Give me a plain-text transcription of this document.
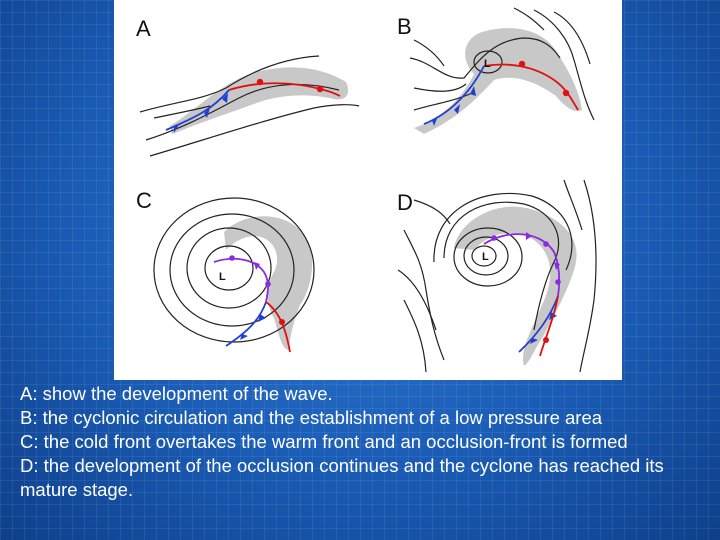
A	B
L
C
L
D
L
A: show the development of the wave.
B: the cyclonic circulation and the establishment of a low pressure area
C: the cold front overtakes the warm front and an occlusion-front is formed
D: the development of the occlusion continues and the cyclone has reached its mature stage.
